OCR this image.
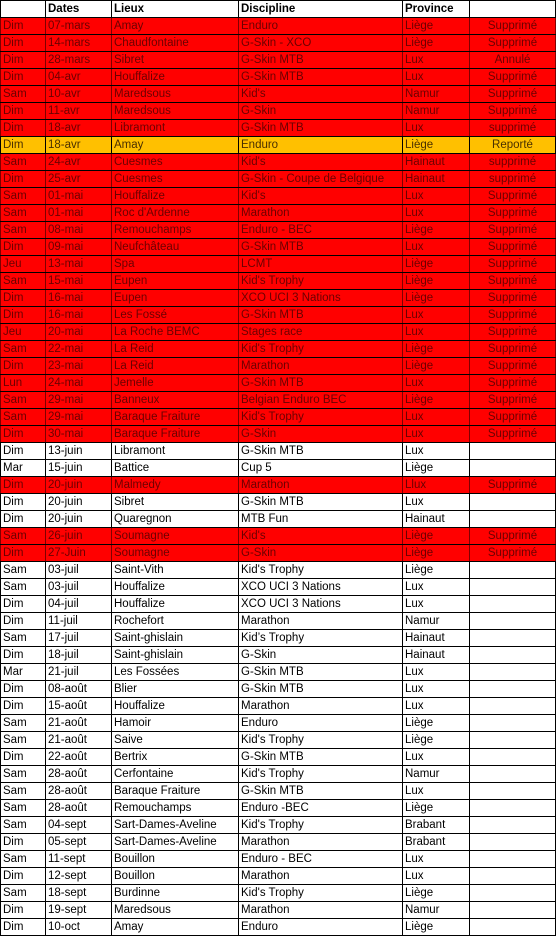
	Dates	Lieux	Discipline	Province	
Dim	07-mars	Amay	Enduro	Liège	Supprimé
Dim	14-mars	Chaudfontaine	G-Skin - XCO	Liège	Supprimé
Dim	28-mars	Sibret	G-Skin MTB	Lux	Annulé
Dim	04-avr	Houffalize	G-Skin MTB	Lux	Supprimé
Sam	10-avr	Maredsous	Kid's	Namur	Supprimé
Dim	11-avr	Maredsous	G-Skin	Namur	Supprimé
Dim	18-avr	Libramont	G-Skin MTB	Lux	supprimé
Dim	18-avr	Amay	Enduro	Liège	Reporté
Sam	24-avr	Cuesmes	Kid's	Hainaut	supprimé
Dim	25-avr	Cuesmes	G-Skin - Coupe de Belgique	Hainaut	supprimé
Sam	01-mai	Houffalize	Kid's	Lux	Supprimé
Sam	01-mai	Roc d'Ardenne	Marathon	Lux	Supprimé
Sam	08-mai	Remouchamps	Enduro - BEC	Liège	Supprimé
Dim	09-mai	Neufchâteau	G-Skin MTB	Lux	Supprimé
Jeu	13-mai	Spa	LCMT	Liège	Supprimé
Sam	15-mai	Eupen	Kid's Trophy	Liège	Supprimé
Dim	16-mai	Eupen	XCO UCI 3 Nations	Liège	Supprimé
Dim	16-mai	Les Fossé	G-Skin MTB	Lux	Supprimé
Jeu	20-mai	La Roche BEMC	Stages race	Lux	Supprimé
Sam	22-mai	La Reid	Kid's Trophy	Liège	Supprimé
Dim	23-mai	La Reid	Marathon	Liège	Supprimé
Lun	24-mai	Jemelle	G-Skin MTB	Lux	Supprimé
Sam	29-mai	Banneux	Belgian Enduro BEC	Liège	Supprimé
Sam	29-mai	Baraque Fraiture	Kid's Trophy	Lux	Supprimé
Dim	30-mai	Baraque Fraiture	G-Skin	Lux	Supprimé
Dim	13-juin	Libramont	G-Skin MTB	Lux	
Mar	15-juin	Battice	Cup 5	Liège	
Dim	20-juin	Malmedy	Marathon	Llux	Supprimé
Dim	20-juin	Sibret	G-Skin MTB	Lux	
Dim	20-juin	Quaregnon	MTB Fun	Hainaut	
Sam	26-juin	Soumagne	Kid's	Liège	Supprimé
Dim	27-Juin	Soumagne	G-Skin	Liège	Supprimé
Sam	03-juil	Saint-Vith	Kid's Trophy	Liège	
Sam	03-juil	Houffalize	XCO UCI 3 Nations	Lux	
Dim	04-juil	Houffalize	XCO UCI 3 Nations	Lux	
Dim	11-juil	Rochefort	Marathon	Namur	
Sam	17-juil	Saint-ghislain	Kid’s Trophy	Hainaut	
Dim	18-juil	Saint-ghislain	G-Skin	Hainaut	
Mar	21-juil	Les Fossées	G-Skin MTB	Lux	
Dim	08-août	Blier	G-Skin MTB	Lux	
Dim	15-août	Houffalize	Marathon	Lux	
Sam	21-août	Hamoir	Enduro	Liège	
Sam	21-août	Saive	Kid's Trophy	Liège	
Dim	22-août	Bertrix	G-Skin MTB	Lux	
Sam	28-août	Cerfontaine	Kid's Trophy	Namur	
Sam	28-août	Baraque Fraiture	G-Skin MTB	Lux	
Sam	28-août	Remouchamps	Enduro -BEC	Liège	
Sam	04-sept	Sart-Dames-Aveline	Kid's Trophy	Brabant	
Dim	05-sept	Sart-Dames-Aveline	Marathon	Brabant	
Sam	11-sept	Bouillon	Enduro - BEC	Lux	
Dim	12-sept	Bouillon	Marathon	Lux	
Sam	18-sept	Burdinne	Kid's Trophy	Liège	
Dim	19-sept	Maredsous	Marathon	Namur	
Dim	10-oct	Amay	Enduro	Liège	
